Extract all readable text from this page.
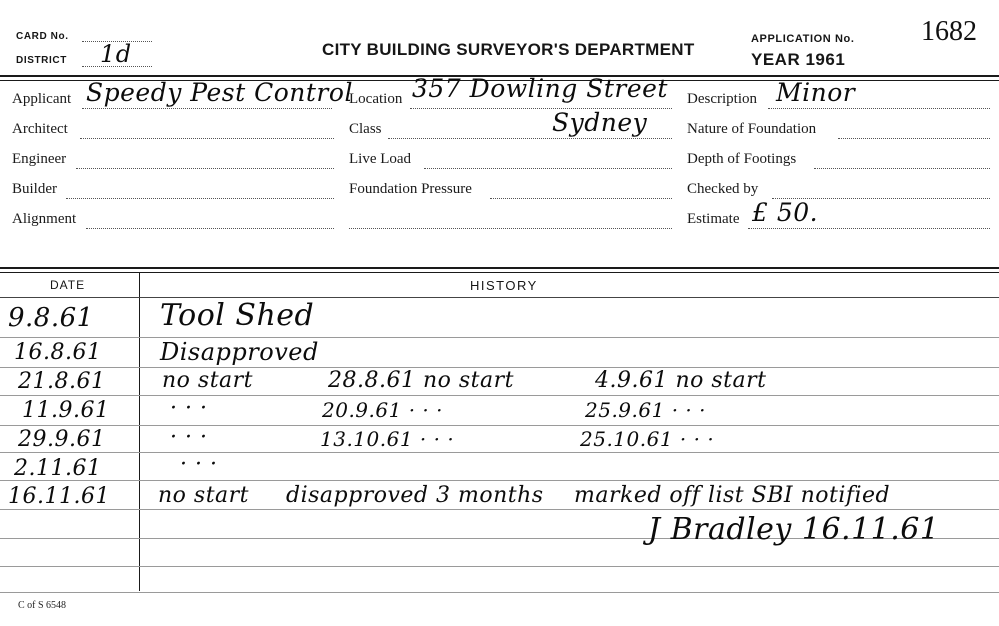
CARD No.
DISTRICT 1d	CITY BUILDING SURVEYOR'S DEPARTMENT
APPLICATION No. 1682
YEAR 1961
Applicant Speedy Pest Control
Architect
Engineer
Builder
Alignment
Location 357 Dowling Street
Class	Sydney
Live Load
Foundation Pressure
Description Minor
Nature of Foundation
Depth of Footings
Checked by
Estimate £ 50.
DATE	HISTORY
9.8.61 Tool Shed
16.8.61 Disapproved
21.8.61	no start	28.8.61 no start	4.9.61 no start
11.9.61	· · ·	20.9.61 · · ·	25.9.61 · · ·
29.9.61	· · ·	13.10.61 · · ·	25.10.61 · · ·
2.11.61	· · ·
16.11.61 no start disapproved 3 months marked off list SBI notified
J Bradley 16.11.61
C of S 6548
